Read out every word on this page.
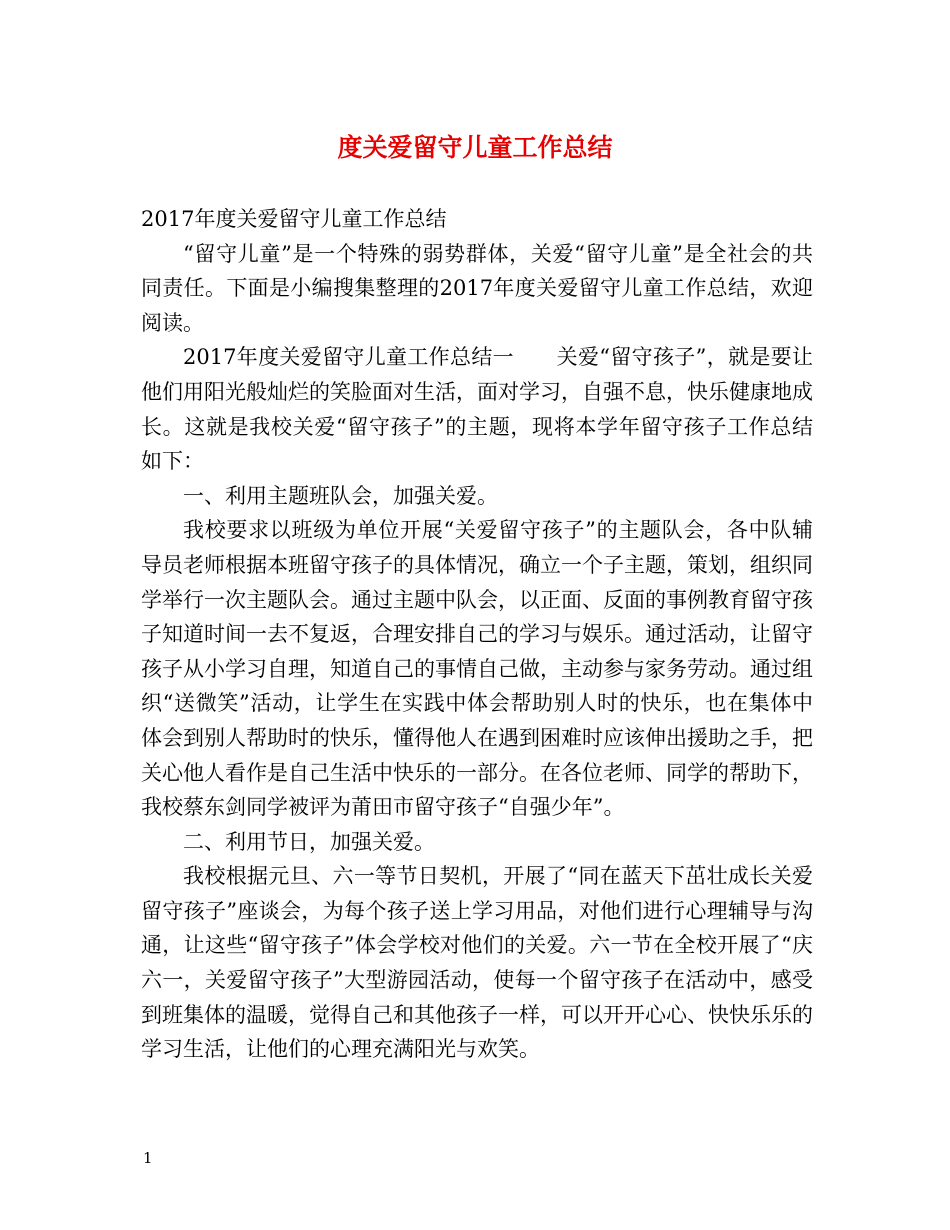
度关爱留守儿童工作总结

2017年度关爱留守儿童工作总结

“留守儿童”是一个特殊的弱势群体，关爱“留守儿童”是全社会的共同责任。下面是小编搜集整理的2017年度关爱留守儿童工作总结，欢迎阅读。

2017年度关爱留守儿童工作总结一　　关爱“留守孩子”，就是要让他们用阳光般灿烂的笑脸面对生活，面对学习，自强不息，快乐健康地成长。这就是我校关爱“留守孩子”的主题，现将本学年留守孩子工作总结如下：

一、利用主题班队会，加强关爱。

我校要求以班级为单位开展“关爱留守孩子”的主题队会，各中队辅导员老师根据本班留守孩子的具体情况，确立一个子主题，策划，组织同学举行一次主题队会。通过主题中队会，以正面、反面的事例教育留守孩子知道时间一去不复返，合理安排自己的学习与娱乐。通过活动，让留守孩子从小学习自理，知道自己的事情自己做，主动参与家务劳动。通过组织“送微笑”活动，让学生在实践中体会帮助别人时的快乐，也在集体中体会到别人帮助时的快乐，懂得他人在遇到困难时应该伸出援助之手，把关心他人看作是自己生活中快乐的一部分。在各位老师、同学的帮助下，我校蔡东剑同学被评为莆田市留守孩子“自强少年”。

二、利用节日，加强关爱。

我校根据元旦、六一等节日契机，开展了“同在蓝天下茁壮成长关爱留守孩子”座谈会，为每个孩子送上学习用品，对他们进行心理辅导与沟通，让这些“留守孩子”体会学校对他们的关爱。六一节在全校开展了“庆六一，关爱留守孩子”大型游园活动，使每一个留守孩子在活动中，感受到班集体的温暖，觉得自己和其他孩子一样，可以开开心心、快快乐乐的学习生活，让他们的心理充满阳光与欢笑。

1
